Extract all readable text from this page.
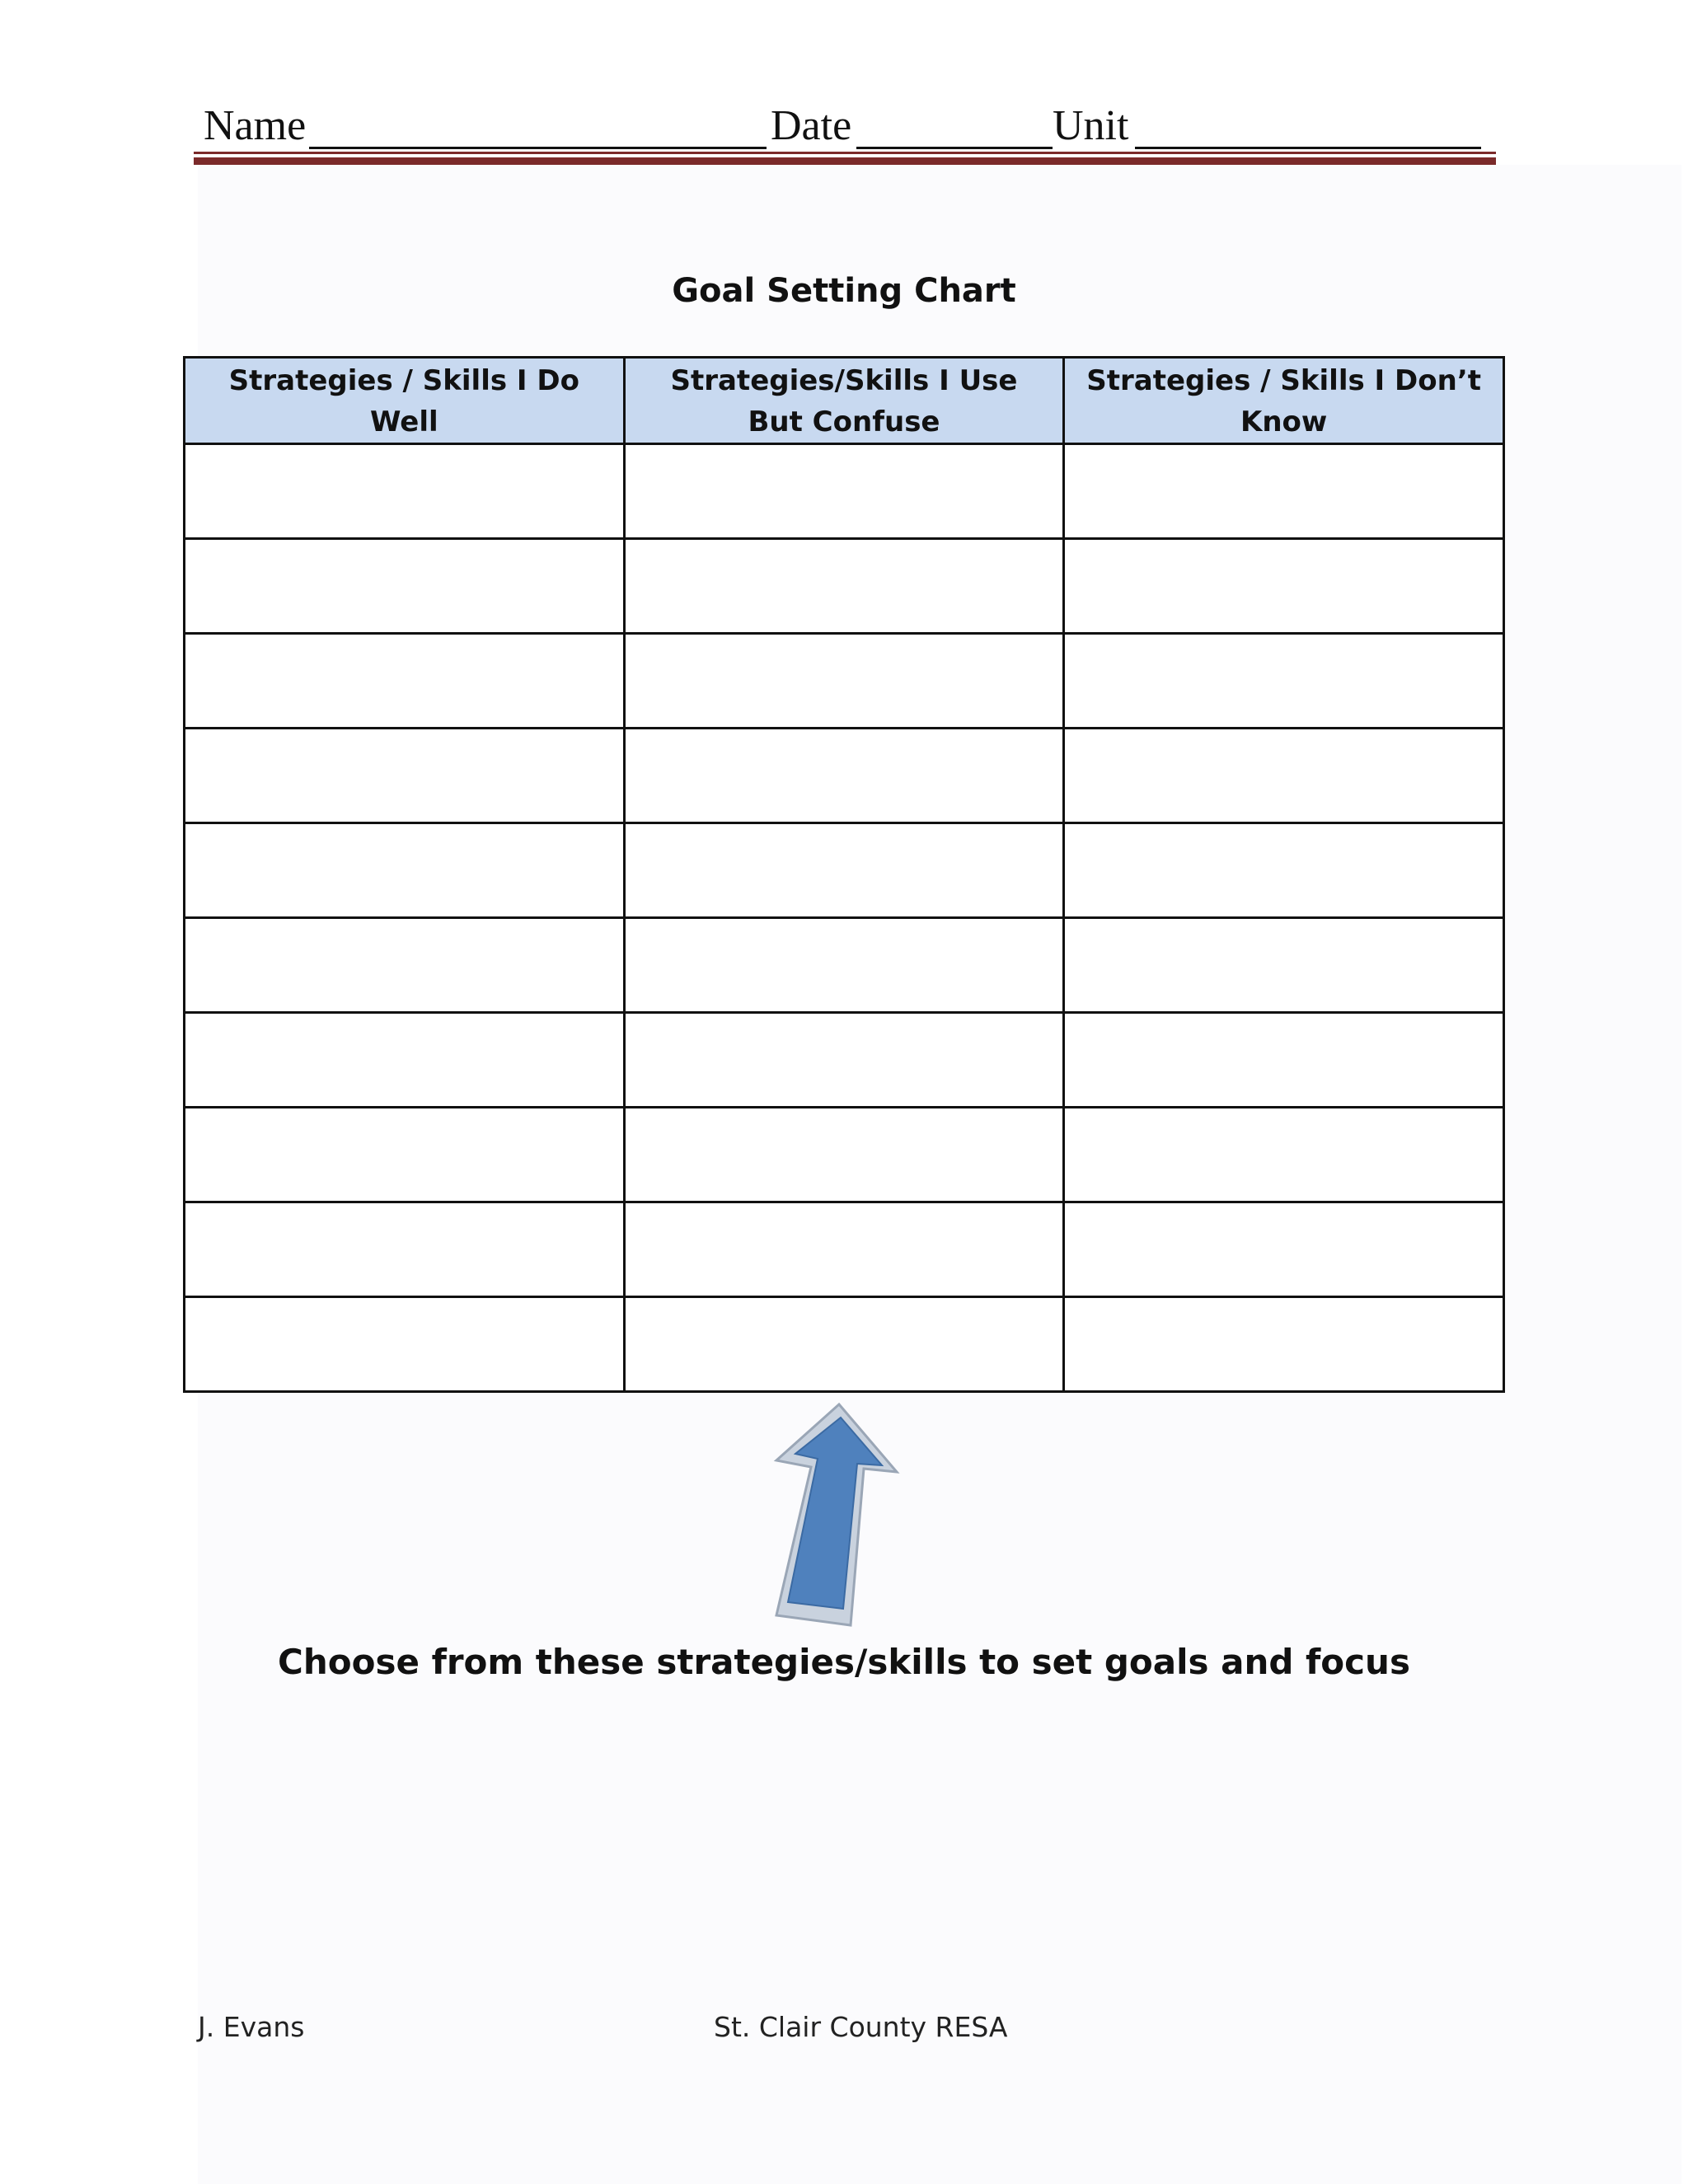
Name	Date	Unit
Goal Setting Chart
Strategies / Skills I Do Well	Strategies/Skills I Use But Confuse	Strategies / Skills I Don’t Know

Choose from these strategies/skills to set goals and focus
J. Evans	St. Clair County RESA
